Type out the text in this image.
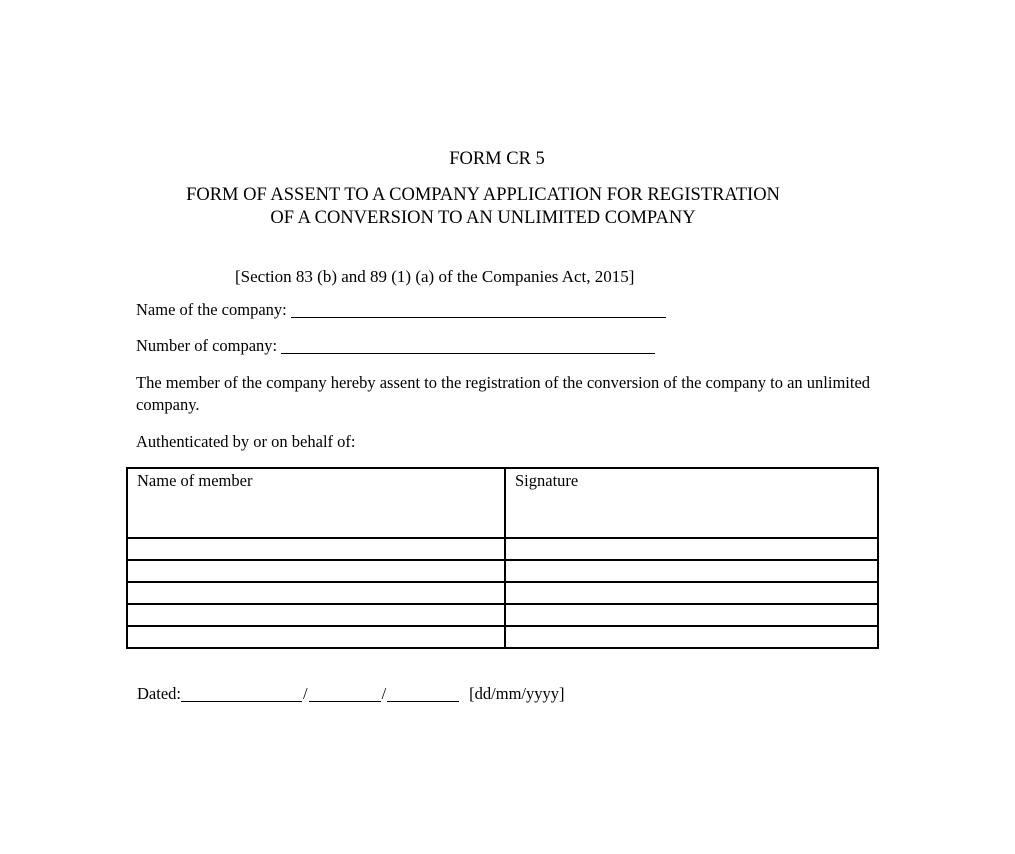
FORM CR 5
FORM OF ASSENT TO A COMPANY APPLICATION FOR REGISTRATION
OF A CONVERSION TO AN UNLIMITED COMPANY
[Section 83 (b) and 89 (1) (a) of the Companies Act, 2015]
Name of the company:
Number of company:
The member of the company hereby assent to the registration of the conversion of the company to an unlimited company.
Authenticated by or on behalf of:
Name of member	Signature

Dated:	/	/	[dd/mm/yyyy]
